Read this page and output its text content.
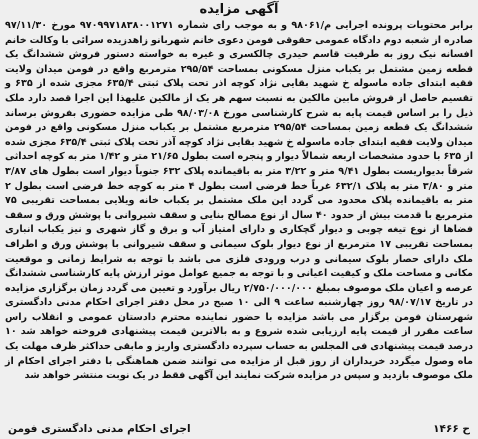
آگهی مزایده

برابر محتویات پرونده اجرایی م/۹۸۰۶۱ و به موجب رای شماره ۹۷۰۹۹۷۱۸۳۸۰۰۱۲۷۱ مورخ ۹۷/۱۱/۳۰ صادره از شعبه دوم دادگاه عمومی حقوقی فومن دعوی خانم شهربانو زاهدزیده سرائی با وکالت خانم افسانه نیک روز به طرفیت قاسم حیدری چالکسری و غیره به خواسته دستور فروش ششدانگ یک قطعه زمین مشتمل بر یکباب منزل مسکونی بمساحت ۲۹۵/۵۴ مترمربع واقع در فومن میدان ولایت فقیه ابتدای جاده ماسوله خ شهید بقایی نژاد کوچه اذر تحت پلاک ثبتی ۶۳۵/۴ مجزی شده از ۶۳۵ و تقسیم حاصل از فروش مابین مالکین به نسبت سهم هر یک از مالکین علیهذا این اجرا قصد دارد ملک ذیل را بر اساس قیمت پایه به شرح کارشناسی مورخ ۹۸/۰۳/۰۸ طی مزایده حضوری بفروش برساند ششدانگ یک قطعه زمین بمساحت ۲۹۵/۵۴ مترمربع مشتمل بر یکباب منزل مسکونی واقع در فومن میدان ولایت فقیه ابتدای جاده ماسوله خ شهید بقایی نژاد کوچه آذر تحت پلاک ثبتی ۶۳۵/۴ مجزی شده از ۶۳۵ با حدود مشخصات اربعه شمالاً دیوار و پنجره است بطول ۲۱/۶۵ متر و ۱/۴۲ متر به کوچه احداثی شرقاً بدیواریست بطول ۹/۴۱ متر و ۳/۲۲ متر به باقیمانده پلاک ۶۳۲ جنوباً دیوار است بطول های ۳/۸۷ متر و ۳/۸۰ متر به پلاک ۶۳۲/۱ غرباً خط فرضی است بطول ۴ متر به کوچه خط فرضی است بطول ۲ متر به باقیمانده پلاک محدود می گردد این ملک مشتمل بر یکباب خانه ویلایی بمساحت تقریبی ۷۵ مترمربع با قدمت بیش از حدود ۴۰ سال از نوع مصالح بنایی و سقف شیروانی با پوشش ورق و سقف فضاها از نوع تیغه چوبی و دیوار گچکاری و دارای امتیاز آب و برق و گاز شهری و نیز یکباب انباری بمساحت تقریبی ۱۷ مترمربع از نوع دیوار بلوک سیمانی و سقف شیروانی با پوشش ورق و اطراف ملک دارای حصار بلوک سیمانی و درب ورودی فلزی می باشد با توجه به شرایط زمانی و موقعیت مکانی و مساحت ملک و کیفیت اعیانی و با توجه به جمیع عوامل موثر ارزش پایه کارشناسی ششدانگ عرصه و اعیان ملک موصوف بمبلغ ۲/۷۵۰/۰۰۰/۰۰۰ ریال برآورد و تعیین می گردد زمان برگزاری مزایده در تاریخ ۹۸/۰۷/۱۷ روز چهارشنبه ساعت ۹ الی ۱۰ صبح در محل دفتر اجرای احکام مدنی دادگستری شهرستان فومن برگزار می باشد مزایده با حضور نماینده محترم دادستان عمومی و انقلاب راس ساعت مقرر از قیمت پایه ارزیابی شده شروع و به بالاترین قیمت پیشنهادی فروخته خواهد شد ۱۰ درصد قیمت پیشنهادی فی المجلس به حساب سپرده دادگستری واریز و مابقی حداکثر ظرف مهلت یک ماه وصول میگردد خریداران از روز قبل از مزایده می توانند ضمن هماهنگی با دفتر اجرای احکام از ملک موصوف بازدید و سپس در مزایده شرکت نمایند این آگهی فقط در یک نوبت منتشر خواهد شد

اجرای احکام مدنی دادگستری فومن	ح ۱۴۶۶
